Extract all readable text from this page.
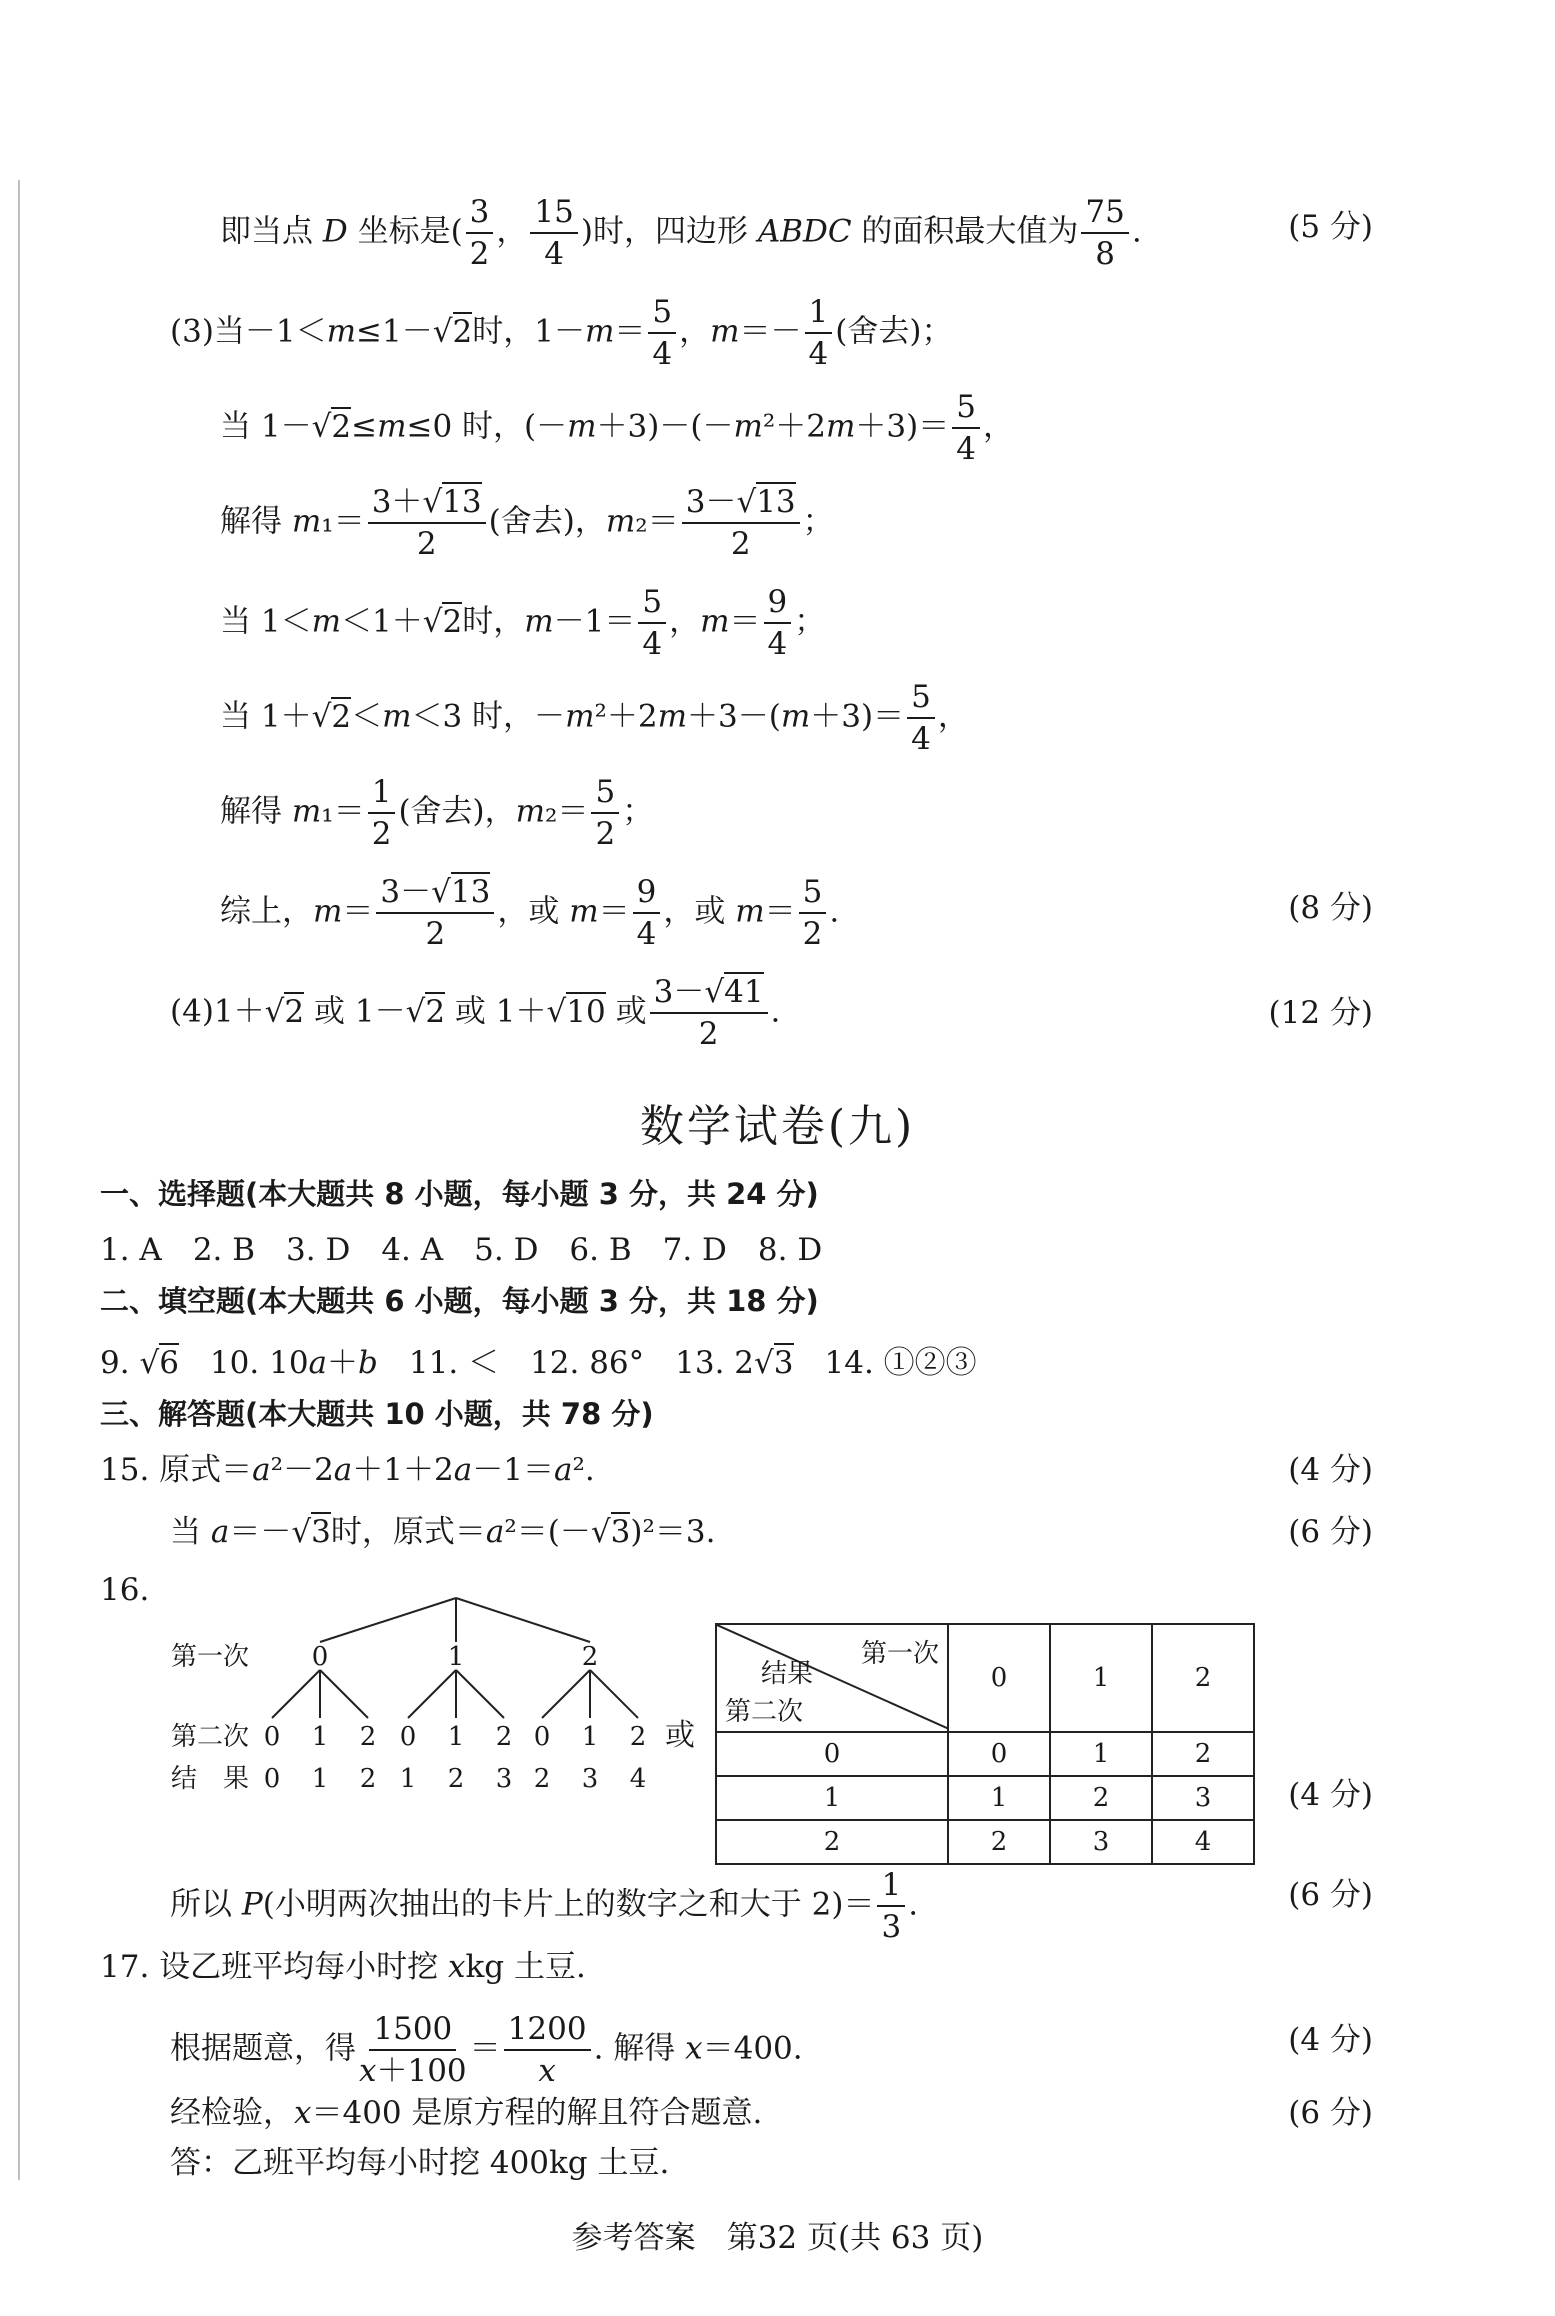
即当点 D 坐标是( $\frac{3}{2}$ ， $\frac{15}{4}$ )时，四边形 ABDC 的面积最大值为 $\frac{75}{8}$ .	(5 分)
(3)当－1＜m≤1－√2时，$1-m= \frac{5}{4}$ ，$m=- \frac{1}{4}$ (舍去)；
当 1－√2≤m≤0 时，$(-m+3)-(-m^2+2m+3)= \frac{5}{4}$ ，
解得 $m_1= \frac{3+√13}{2}$ (舍去)，$m_2= \frac{3-√13}{2}$ ；
当 1＜m＜1＋√2时，$m-1= \frac{5}{4}$ ，$m= \frac{9}{4}$ ；
当 1＋√2＜m＜3 时，$-m^2+2m+3-(m+3)= \frac{5}{4}$ ，
解得 $m_1= \frac{1}{2}$ (舍去)，$m_2= \frac{5}{2}$ ；
综上，$m= \frac{3-√13}{2}$ ，或 $m= \frac{9}{4}$ ，或 $m= \frac{5}{2}$ .	(8 分)
(4)1＋√2 或 1－√2 或 1＋√10 或 $\frac{3-√41}{2}$ .	(12 分)
数学试卷(九)
一、选择题(本大题共 8 小题，每小题 3 分，共 24 分)
1. A　2. B　3. D　4. A　5. D　6. B　7. D　8. D
二、填空题(本大题共 6 小题，每小题 3 分，共 18 分)
9. √6　10. 10a＋b　11. ＜　12. 86°　13. 2√3　14. ①②③
三、解答题(本大题共 10 小题，共 78 分)
15. 原式＝a²－2a＋1＋2a－1＝a².	(4 分)
当 a＝－√3时，原式＝a²＝(－√3)²＝3.	(6 分)
16.
第一次
第二次
结　果
0	1	2
0 1 2 0 1 2 0 1 2
0 1 2 1 2 3 2 3 4
或
第一次
结果
第二次	0	1	2
0	0	1	2
1	1	2	3
2	2	3	4
(4 分)
所以 P(小明两次抽出的卡片上的数字之和大于 $2)= \frac{1}{3}$ .	(6 分)
17. 设乙班平均每小时挖 xkg 土豆.
根据题意，得 $\frac{1500}{x+100} = \frac{1200}{x}$ . 解得 x＝400.	(4 分)
经检验，x＝400 是原方程的解且符合题意.	(6 分)
答：乙班平均每小时挖 400kg 土豆.
参考答案　第32 页(共 63 页)
